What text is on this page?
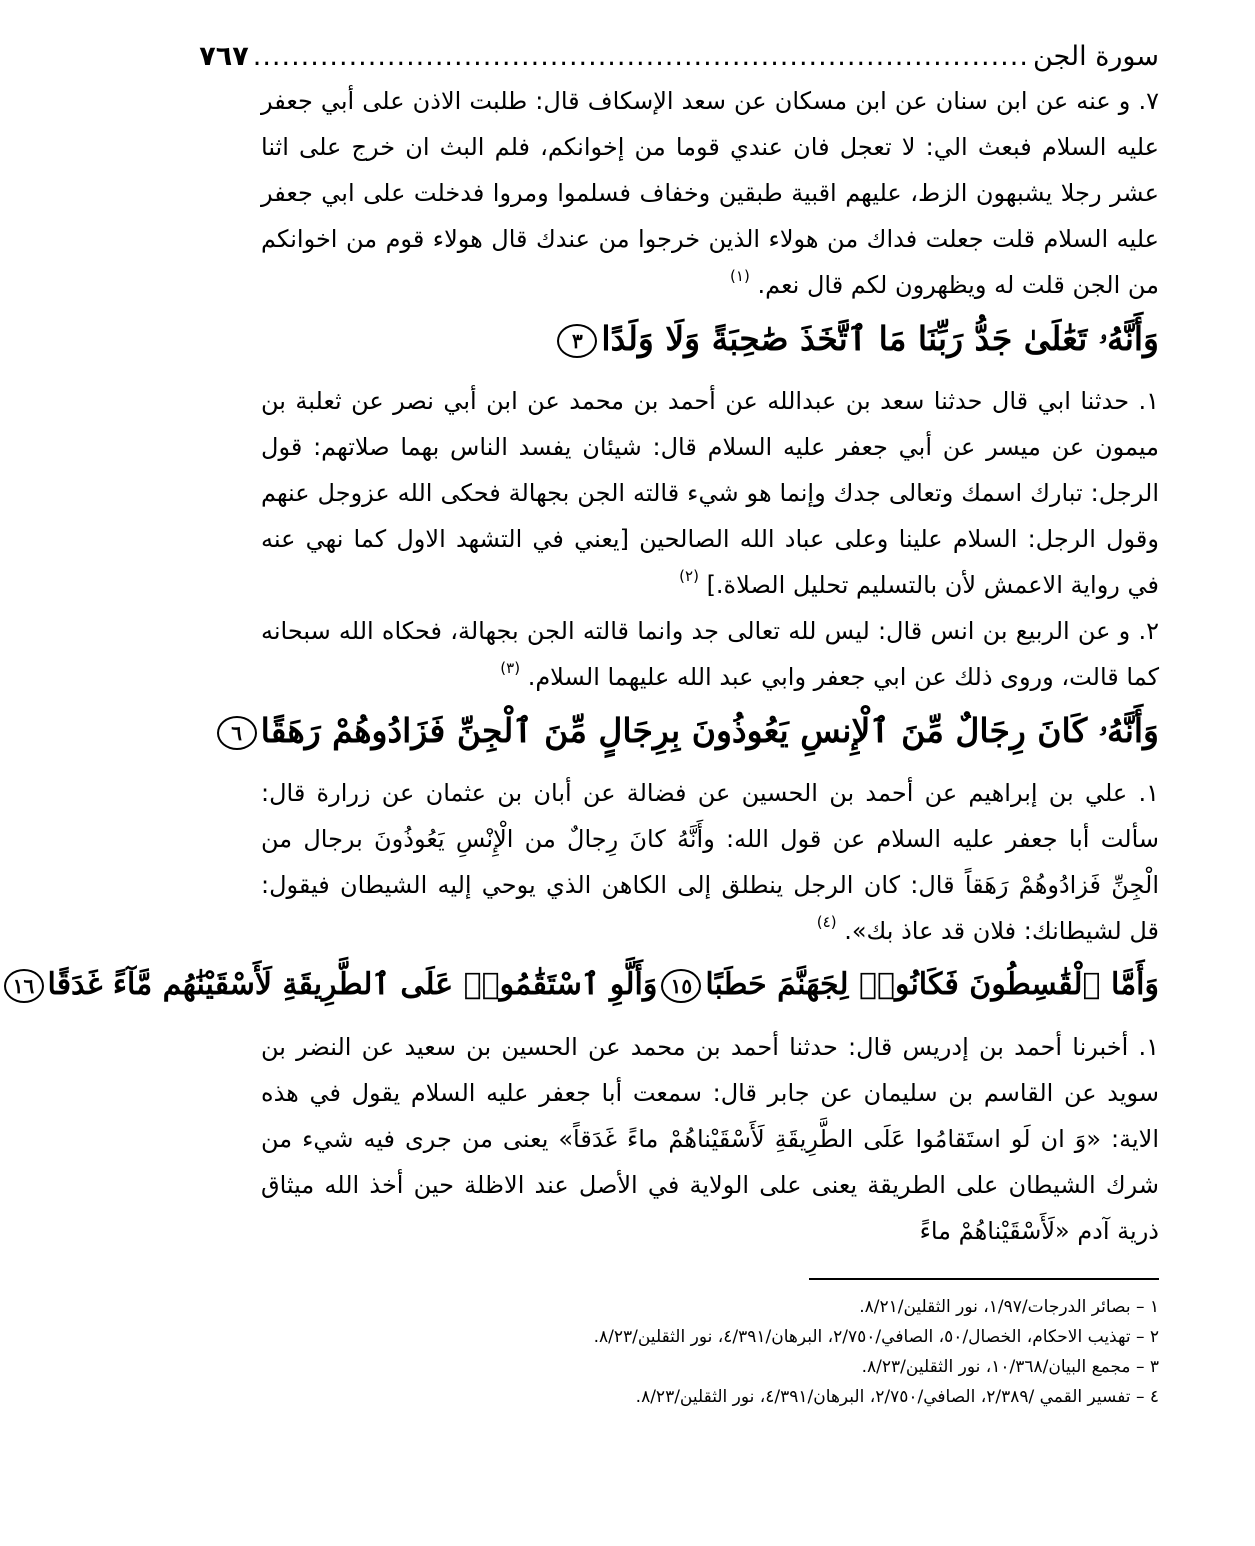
سورة الجن
.................................................................................
٧٦٧

٧. و عنه عن ابن سنان عن ابن مسكان عن سعد الإسكاف قال: طلبت الاذن على أبي جعفر عليه السلام فبعث الي: لا تعجل فان عندي قوما من إخوانكم، فلم البث ان خرج على اثنا عشر رجلا يشبهون الزط، عليهم اقبية طبقين وخفاف فسلموا ومروا فدخلت على ابي جعفر عليه السلام قلت جعلت فداك من هولاء الذين خرجوا من عندك قال هولاء قوم من اخوانكم من الجن قلت له ويظهرون لكم قال نعم. $^{(١)}$

وَأَنَّهُۥ تَعَٰلَىٰ جَدُّ رَبِّنَا مَا ٱتَّخَذَ صَٰحِبَةً وَلَا وَلَدًا٣

١. حدثنا ابي قال حدثنا سعد بن عبدالله عن أحمد بن محمد عن ابن أبي نصر عن ثعلبة بن ميمون عن ميسر عن أبي جعفر عليه السلام قال: شيئان يفسد الناس بهما صلاتهم: قول الرجل: تبارك اسمك وتعالى جدك وإنما هو شيء قالته الجن بجهالة فحكى الله عزوجل عنهم وقول الرجل: السلام علينا وعلى عباد الله الصالحين [يعني في التشهد الاول كما نهي عنه في رواية الاعمش لأن بالتسليم تحليل الصلاة.] $^{(٢)}$

٢. و عن الربيع بن انس قال: ليس لله تعالى جد وانما قالته الجن بجهالة، فحكاه الله سبحانه كما قالت، وروى ذلك عن ابي جعفر وابي عبد الله عليهما السلام. $^{(٣)}$

وَأَنَّهُۥ كَانَ رِجَالٌ مِّنَ ٱلْإِنسِ يَعُوذُونَ بِرِجَالٍ مِّنَ ٱلْجِنِّ فَزَادُوهُمْ رَهَقًا٦

١. علي بن إبراهيم عن أحمد بن الحسين عن فضالة عن أبان بن عثمان عن زرارة قال: سألت أبا جعفر عليه السلام عن قول الله: وأَنَّهُ كانَ رِجالٌ من الْإِنْسِ يَعُوذُونَ برجال من الْجِنِّ فَزادُوهُمْ رَهَقاً قال: كان الرجل ينطلق إلى الكاهن الذي يوحي إليه الشيطان فيقول: قل لشيطانك: فلان قد عاذ بك». $^{(٤)}$

وَأَمَّا ٱلْقَٰسِطُونَ فَكَانُوا۟ لِجَهَنَّمَ حَطَبًا١٥وَأَلَّوِ ٱسْتَقَٰمُوا۟ عَلَى ٱلطَّرِيقَةِ لَأَسْقَيْنَٰهُم مَّآءً غَدَقًا١٦

١. أخبرنا أحمد بن إدريس قال: حدثنا أحمد بن محمد عن الحسين بن سعيد عن النضر بن سويد عن القاسم بن سليمان عن جابر قال: سمعت أبا جعفر عليه السلام يقول في هذه الاية: «وَ ان لَو استَقامُوا عَلَى الطَّرِيقَةِ لَأَسْقَيْناهُمْ ماءً غَدَقاً» يعنى من جرى فيه شيء من شرك الشيطان على الطريقة يعنى على الولاية في الأصل عند الاظلة حين أخذ الله ميثاق ذرية آدم «لَأَسْقَيْناهُمْ ماءً

١ – بصائر الدرجات/١/٩٧، نور الثقلين/٨/٢١.
٢ – تهذيب الاحكام، الخصال/٥٠، الصافي/٢/٧٥٠، البرهان/٤/٣٩١، نور الثقلين/٨/٢٣.
٣ – مجمع البيان/١٠/٣٦٨، نور الثقلين/٨/٢٣.
٤ – تفسير القمي /٢/٣٨٩، الصافي/٢/٧٥٠، البرهان/٤/٣٩١، نور الثقلين/٨/٢٣.
